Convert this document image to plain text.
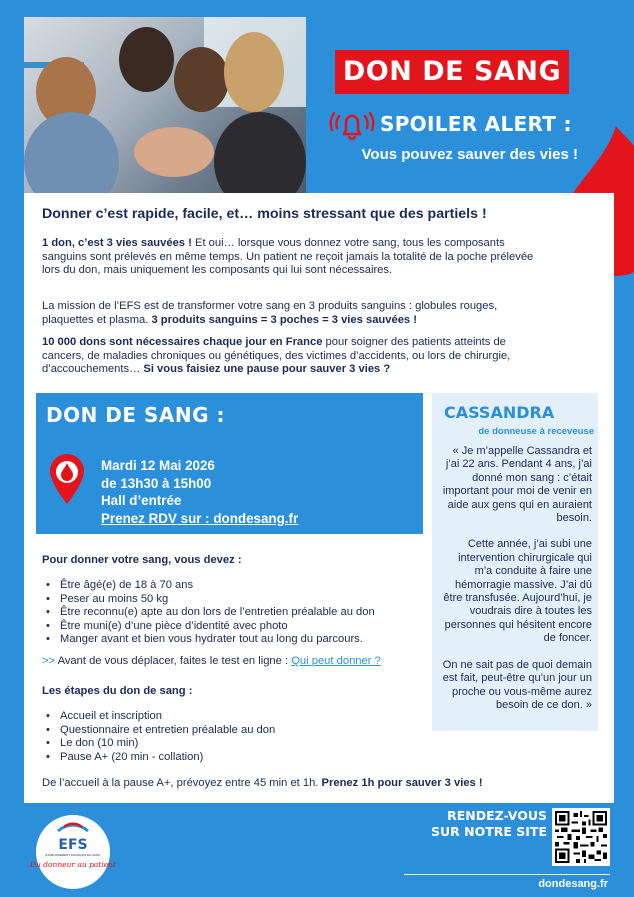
DON DE SANG
SPOILER ALERT :
Vous pouvez sauver des vies !
Donner c’est rapide, facile, et… moins stressant que des partiels !
1 don, c’est 3 vies sauvées ! Et oui… lorsque vous donnez votre sang, tous les composants sanguins sont prélevés en même temps. Un patient ne reçoit jamais la totalité de la poche prélevée lors du don, mais uniquement les composants qui lui sont nécessaires.
La mission de l’EFS est de transformer votre sang en 3 produits sanguins : globules rouges, plaquettes et plasma. 3 produits sanguins = 3 poches = 3 vies sauvées !
10 000 dons sont nécessaires chaque jour en France pour soigner des patients atteints de cancers, de maladies chroniques ou génétiques, des victimes d’accidents, ou lors de chirurgie, d’accouchements… Si vous faisiez une pause pour sauver 3 vies ?
DON DE SANG :
Mardi 12 Mai 2026
de 13h30 à 15h00
Hall d’entrée
Prenez RDV sur : dondesang.fr
CASSANDRA
de donneuse à receveuse

« Je m’appelle Cassandra et j’ai 22 ans. Pendant 4 ans, j’ai donné mon sang : c’était important pour moi de venir en aide aux gens qui en auraient besoin.

Cette année, j’ai subi une intervention chirurgicale qui m’a conduite à faire une hémorragie massive. J’ai dû être transfusée. Aujourd’hui, je voudrais dire à toutes les personnes qui hésitent encore de foncer.

On ne sait pas de quoi demain est fait, peut-être qu’un jour un proche ou vous-même aurez besoin de ce don. »

Pour donner votre sang, vous devez :
• Être âgé(e) de 18 à 70 ans
• Peser au moins 50 kg
• Être reconnu(e) apte au don lors de l’entretien préalable au don
• Être muni(e) d’une pièce d’identité avec photo
• Manger avant et bien vous hydrater tout au long du parcours.
>> Avant de vous déplacer, faites le test en ligne : Qui peut donner ?
Les étapes du don de sang :
• Accueil et inscription
• Questionnaire et entretien préalable au don
• Le don (10 min)
• Pause A+ (20 min - collation)
De l’accueil à la pause A+, prévoyez entre 45 min et 1h. Prenez 1h pour sauver 3 vies !
EFS
ÉTABLISSEMENT FRANÇAIS DU SANG
Du donneur au patient
RENDEZ-VOUS
SUR NOTRE SITE
dondesang.fr
